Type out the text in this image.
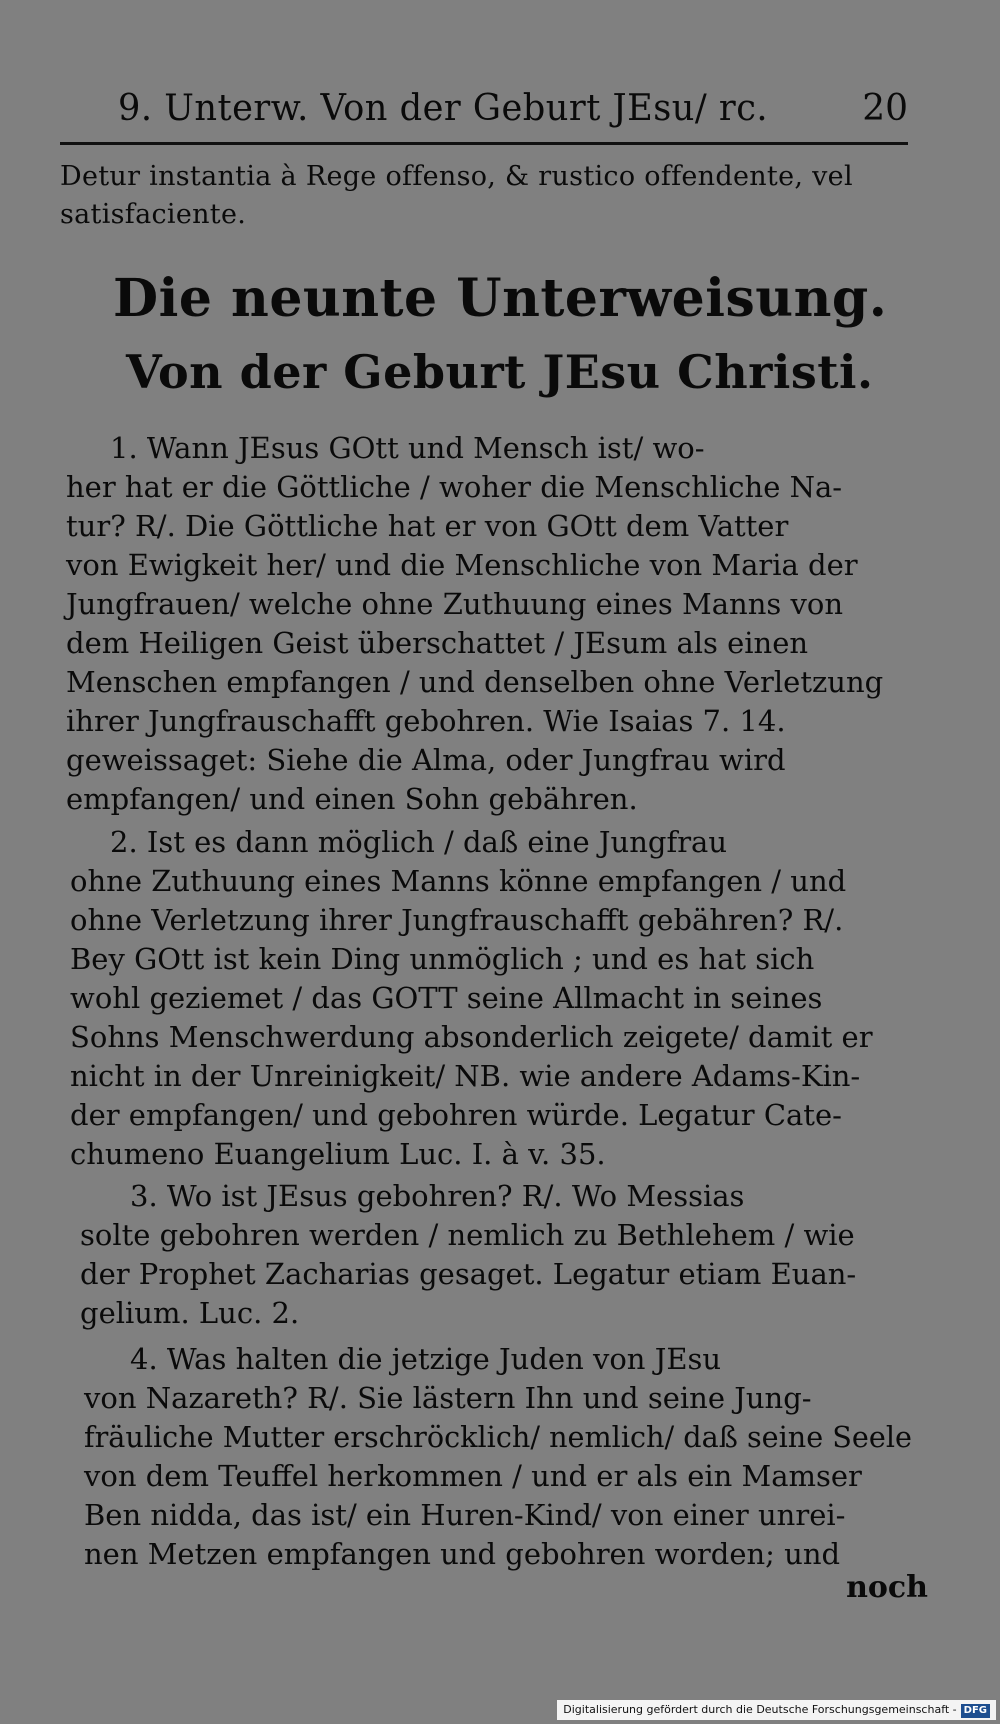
9. Unterw. Von der Geburt JEsu/ rc.	20
Detur instantia à Rege offenso, & rustico offendente, vel satisfaciente.
Die neunte Unterweisung.
Von der Geburt JEsu Christi.
1. Wann JEsus GOtt und Mensch ist/ wo-
her hat er die Göttliche / woher die Menschliche Na-
tur? R/. Die Göttliche hat er von GOtt dem Vatter
von Ewigkeit her/ und die Menschliche von Maria der
Jungfrauen/ welche ohne Zuthuung eines Manns von
dem Heiligen Geist überschattet / JEsum als einen
Menschen empfangen / und denselben ohne Verletzung
ihrer Jungfrauschafft gebohren. Wie Isaias 7. 14.
geweissaget: Siehe die Alma, oder Jungfrau wird
empfangen/ und einen Sohn gebähren.
2. Ist es dann möglich / daß eine Jungfrau
ohne Zuthuung eines Manns könne empfangen / und
ohne Verletzung ihrer Jungfrauschafft gebähren? R/.
Bey GOtt ist kein Ding unmöglich ; und es hat sich
wohl geziemet / das GOTT seine Allmacht in seines
Sohns Menschwerdung absonderlich zeigete/ damit er
nicht in der Unreinigkeit/ NB. wie andere Adams-Kin-
der empfangen/ und gebohren würde. Legatur Cate-
chumeno Euangelium Luc. I. à v. 35.
3. Wo ist JEsus gebohren? R/. Wo Messias
solte gebohren werden / nemlich zu Bethlehem / wie
der Prophet Zacharias gesaget. Legatur etiam Euan-
gelium. Luc. 2.
4. Was halten die jetzige Juden von JEsu
von Nazareth? R/. Sie lästern Ihn und seine Jung-
fräuliche Mutter erschröcklich/ nemlich/ daß seine Seele
von dem Teuffel herkommen / und er als ein Mamser
Ben nidda, das ist/ ein Huren-Kind/ von einer unrei-
nen Metzen empfangen und gebohren worden; und
noch
Digitalisierung gefördert durch die Deutsche Forschungsgemeinschaft - DFG
